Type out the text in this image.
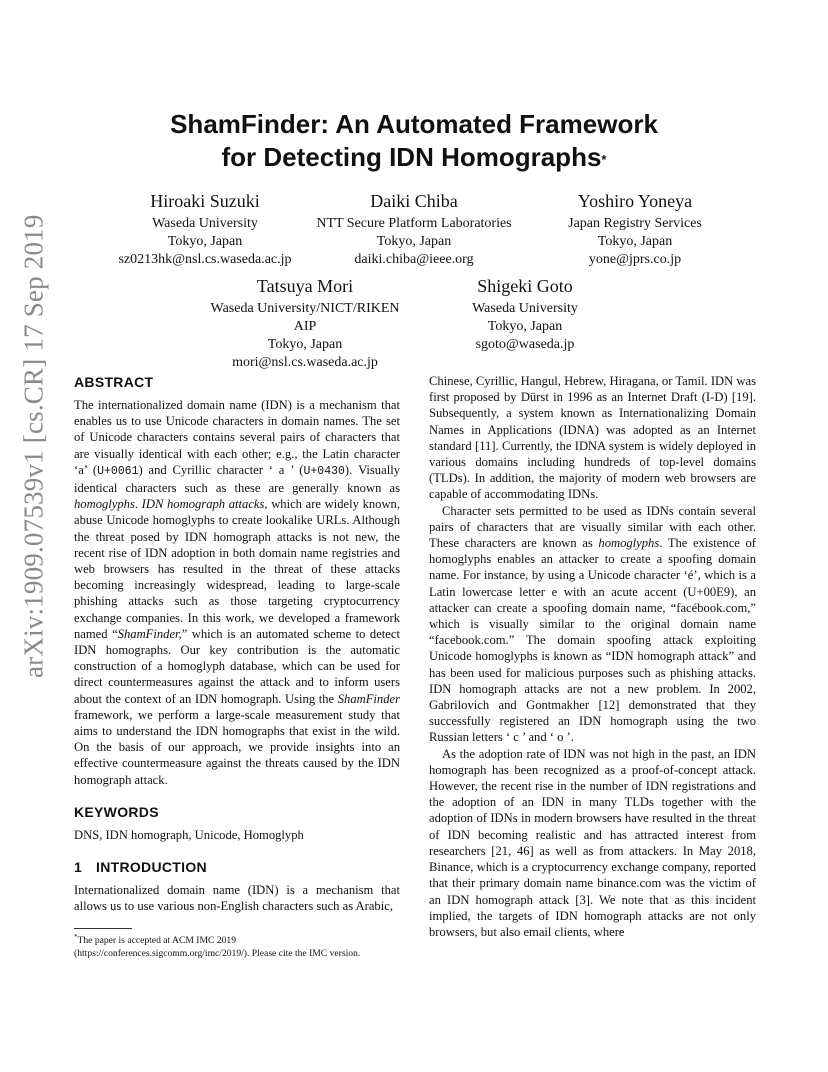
arXiv:1909.07539v1 [cs.CR] 17 Sep 2019
ShamFinder: An Automated Framework
for Detecting IDN Homographs*
Hiroaki Suzuki
Waseda University
Tokyo, Japan
sz0213hk@nsl.cs.waseda.ac.jp
Daiki Chiba
NTT Secure Platform Laboratories
Tokyo, Japan
daiki.chiba@ieee.org
Yoshiro Yoneya
Japan Registry Services
Tokyo, Japan
yone@jprs.co.jp
Tatsuya Mori
Waseda University/NICT/RIKEN
AIP
Tokyo, Japan
mori@nsl.cs.waseda.ac.jp
Shigeki Goto
Waseda University
Tokyo, Japan
sgoto@waseda.jp
ABSTRACT

The internationalized domain name (IDN) is a mechanism that enables us to use Unicode characters in domain names. The set of Unicode characters contains several pairs of characters that are visually identical with each other; e.g., the Latin character ‘a’ (U+0061) and Cyrillic character ‘ а ’ (U+0430). Visually identical characters such as these are generally known as homoglyphs. IDN homograph attacks, which are widely known, abuse Unicode homoglyphs to create lookalike URLs. Although the threat posed by IDN homograph attacks is not new, the recent rise of IDN adoption in both domain name registries and web browsers has resulted in the threat of these attacks becoming increasingly widespread, leading to large-scale phishing attacks such as those targeting cryptocurrency exchange companies. In this work, we developed a framework named “ShamFinder,” which is an automated scheme to detect IDN homographs. Our key contribution is the automatic construction of a homoglyph database, which can be used for direct countermeasures against the attack and to inform users about the context of an IDN homograph. Using the ShamFinder framework, we perform a large-scale measurement study that aims to understand the IDN homographs that exist in the wild. On the basis of our approach, we provide insights into an effective countermeasure against the threats caused by the IDN homograph attack.

KEYWORDS

DNS, IDN homograph, Unicode, Homoglyph

1 INTRODUCTION

Internationalized domain name (IDN) is a mechanism that allows us to use various non-English characters such as Arabic,

*The paper is accepted at ACM IMC 2019 (https://conferences.sigcomm.org/imc/2019/). Please cite the IMC version.

Chinese, Cyrillic, Hangul, Hebrew, Hiragana, or Tamil. IDN was first proposed by Dürst in 1996 as an Internet Draft (I-D) [19]. Subsequently, a system known as Internationalizing Domain Names in Applications (IDNA) was adopted as an Internet standard [11]. Currently, the IDNA system is widely deployed in various domains including hundreds of top-level domains (TLDs). In addition, the majority of modern web browsers are capable of accommodating IDNs.

Character sets permitted to be used as IDNs contain several pairs of characters that are visually similar with each other. These characters are known as homoglyphs. The existence of homoglyphs enables an attacker to create a spoofing domain name. For instance, by using a Unicode character ‘é’, which is a Latin lowercase letter e with an acute accent (U+00E9), an attacker can create a spoofing domain name, “facébook.com,” which is visually similar to the original domain name “facebook.com.” The domain spoofing attack exploiting Unicode homoglyphs is known as “IDN homograph attack” and has been used for malicious purposes such as phishing attacks. IDN homograph attacks are not a new problem. In 2002, Gabrilovich and Gontmakher [12] demonstrated that they successfully registered an IDN homograph using the two Russian letters ‘ с ’ and ‘ о ’.

As the adoption rate of IDN was not high in the past, an IDN homograph has been recognized as a proof-of-concept attack. However, the recent rise in the number of IDN registrations and the adoption of an IDN in many TLDs together with the adoption of IDNs in modern browsers have resulted in the threat of IDN becoming realistic and has attracted interest from researchers [21, 46] as well as from attackers. In May 2018, Binance, which is a cryptocurrency exchange company, reported that their primary domain name binance.com was the victim of an IDN homograph attack [3]. We note that as this incident implied, the targets of IDN homograph attacks are not only browsers, but also email clients, where
